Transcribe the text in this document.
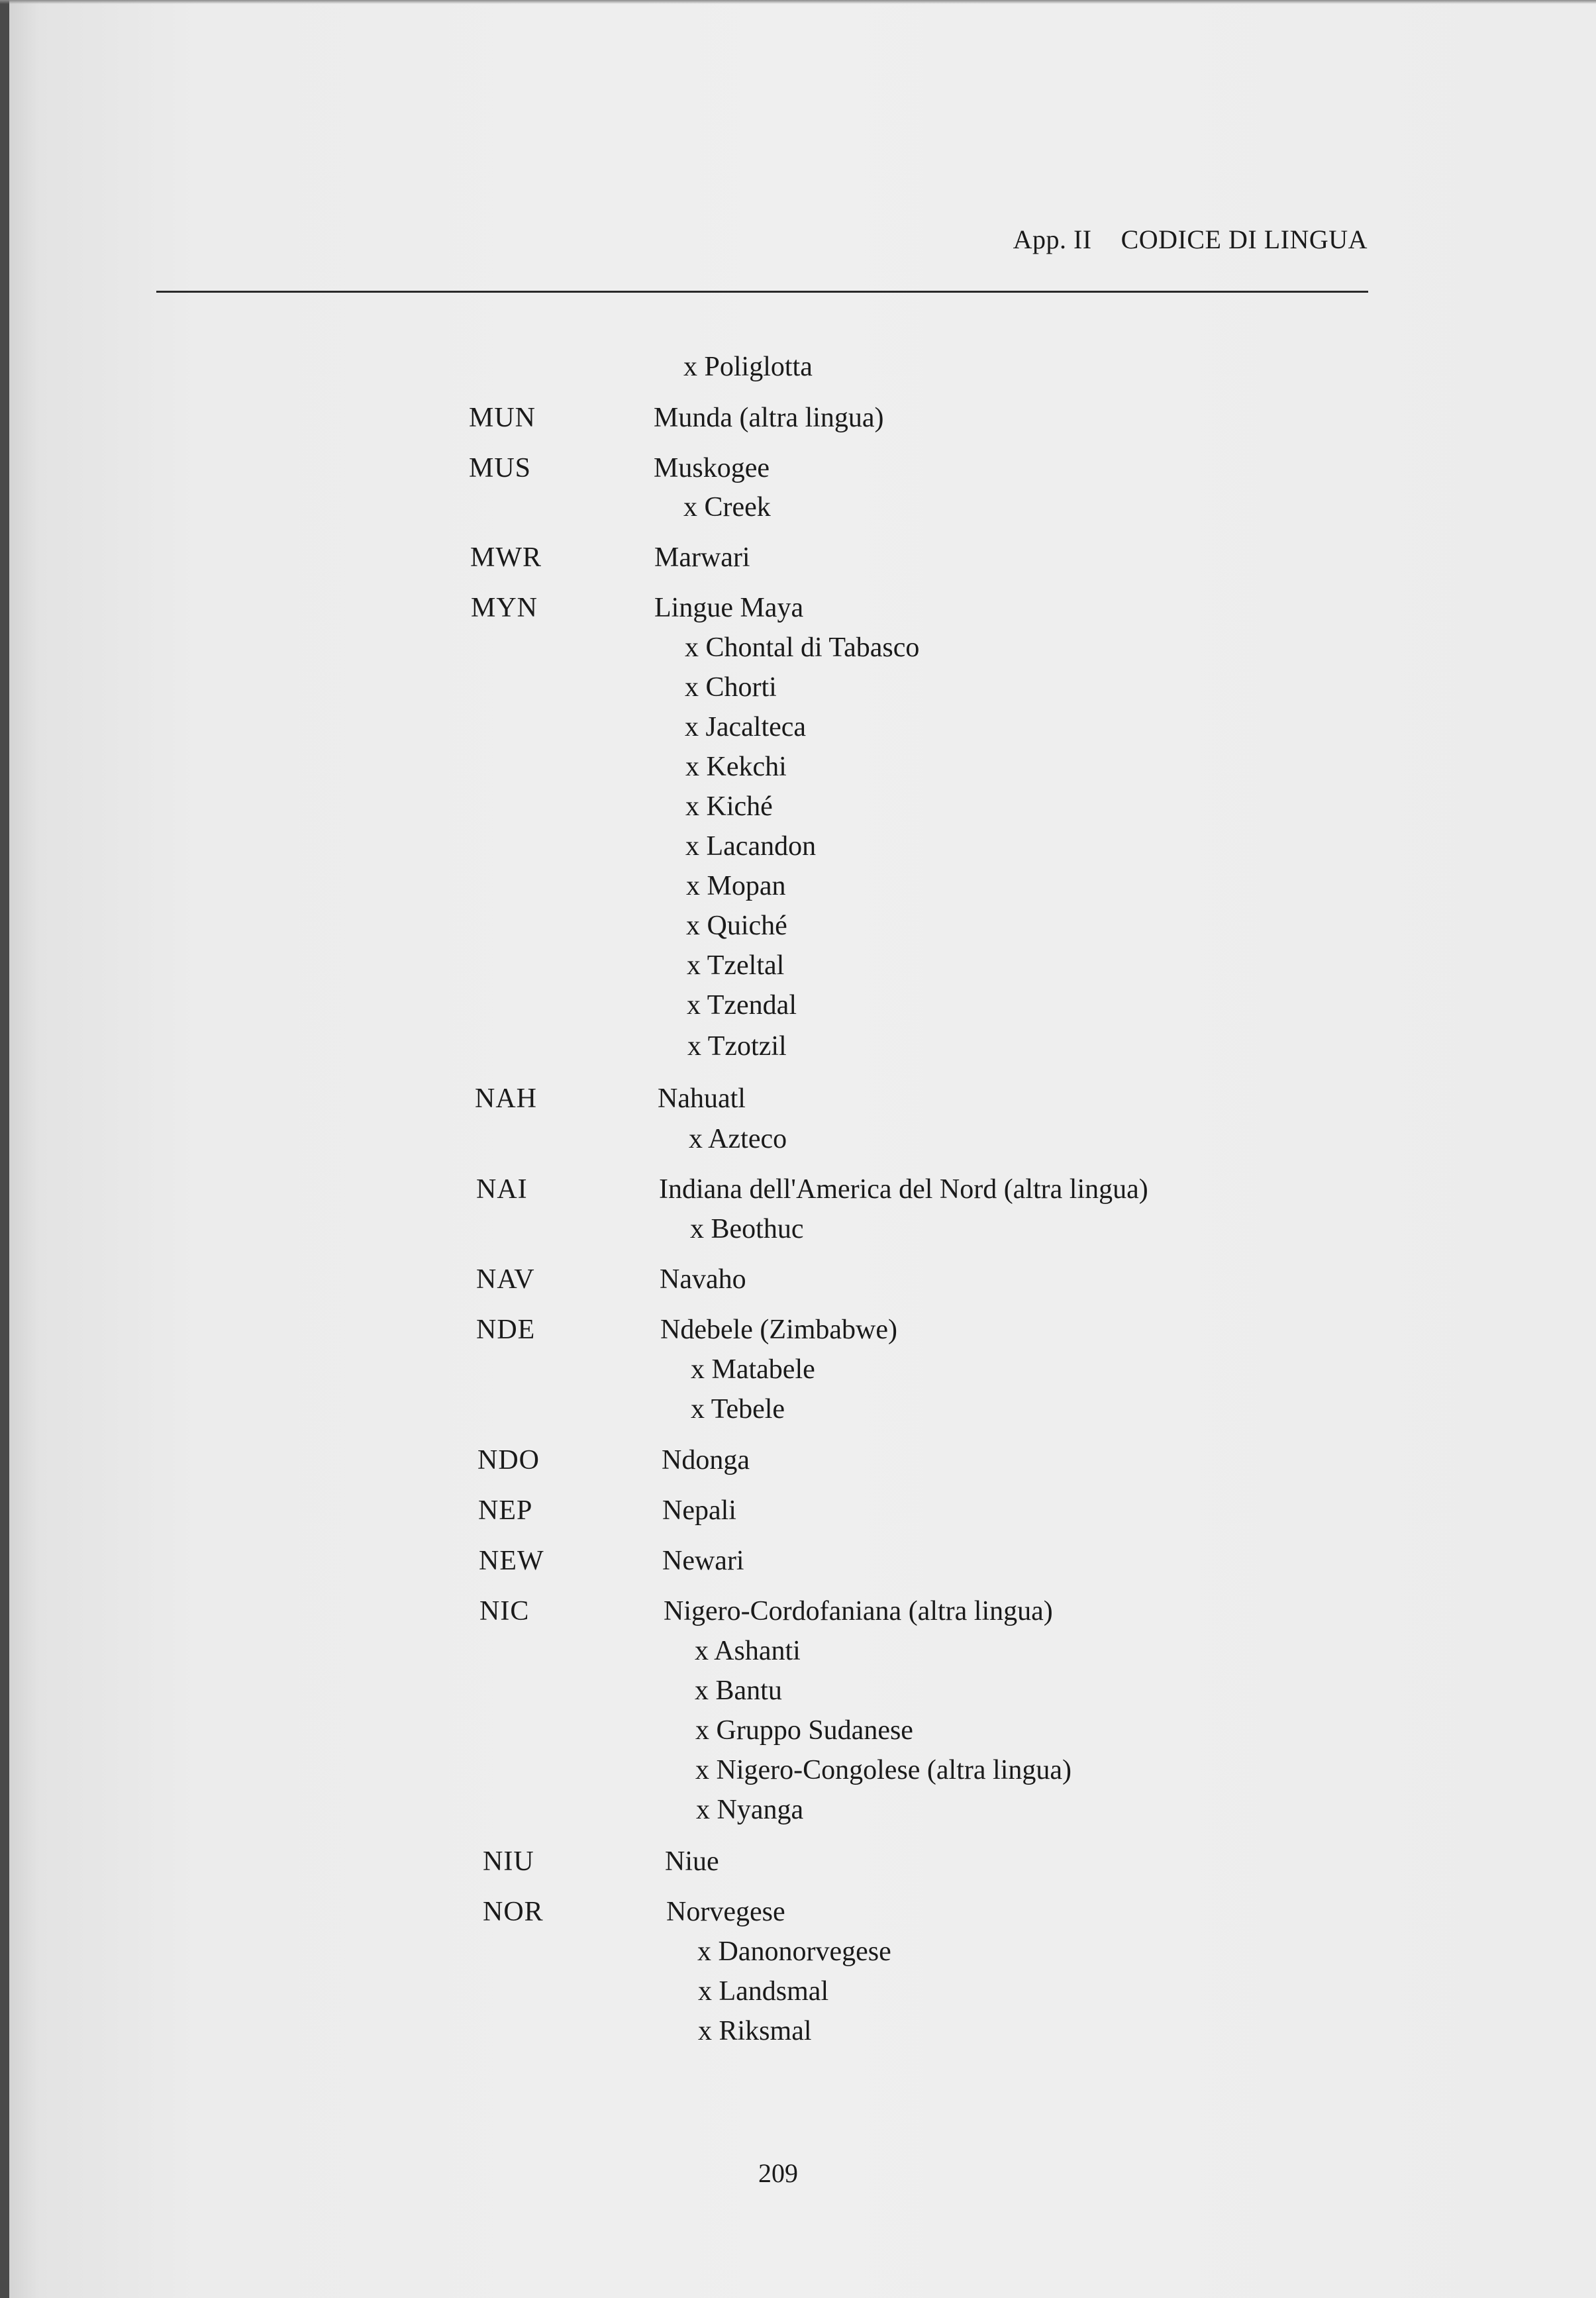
App. II CODICE DI LINGUA
x Poliglotta
MUN	Munda (altra lingua)
MUS	Muskogee
x Creek
MWR	Marwari
MYN	Lingue Maya
x Chontal di Tabasco
x Chorti
x Jacalteca
x Kekchi
x Kiché
x Lacandon
x Mopan
x Quiché
x Tzeltal
x Tzendal
x Tzotzil
NAH	Nahuatl
x Azteco
NAI	Indiana dell'America del Nord (altra lingua)
x Beothuc
NAV	Navaho
NDE	Ndebele (Zimbabwe)
x Matabele
x Tebele
NDO	Ndonga
NEP	Nepali
NEW	Newari
NIC	Nigero-Cordofaniana (altra lingua)
x Ashanti
x Bantu
x Gruppo Sudanese
x Nigero-Congolese (altra lingua)
x Nyanga
NIU	Niue
NOR	Norvegese
x Danonorvegese
x Landsmal
x Riksmal
209
